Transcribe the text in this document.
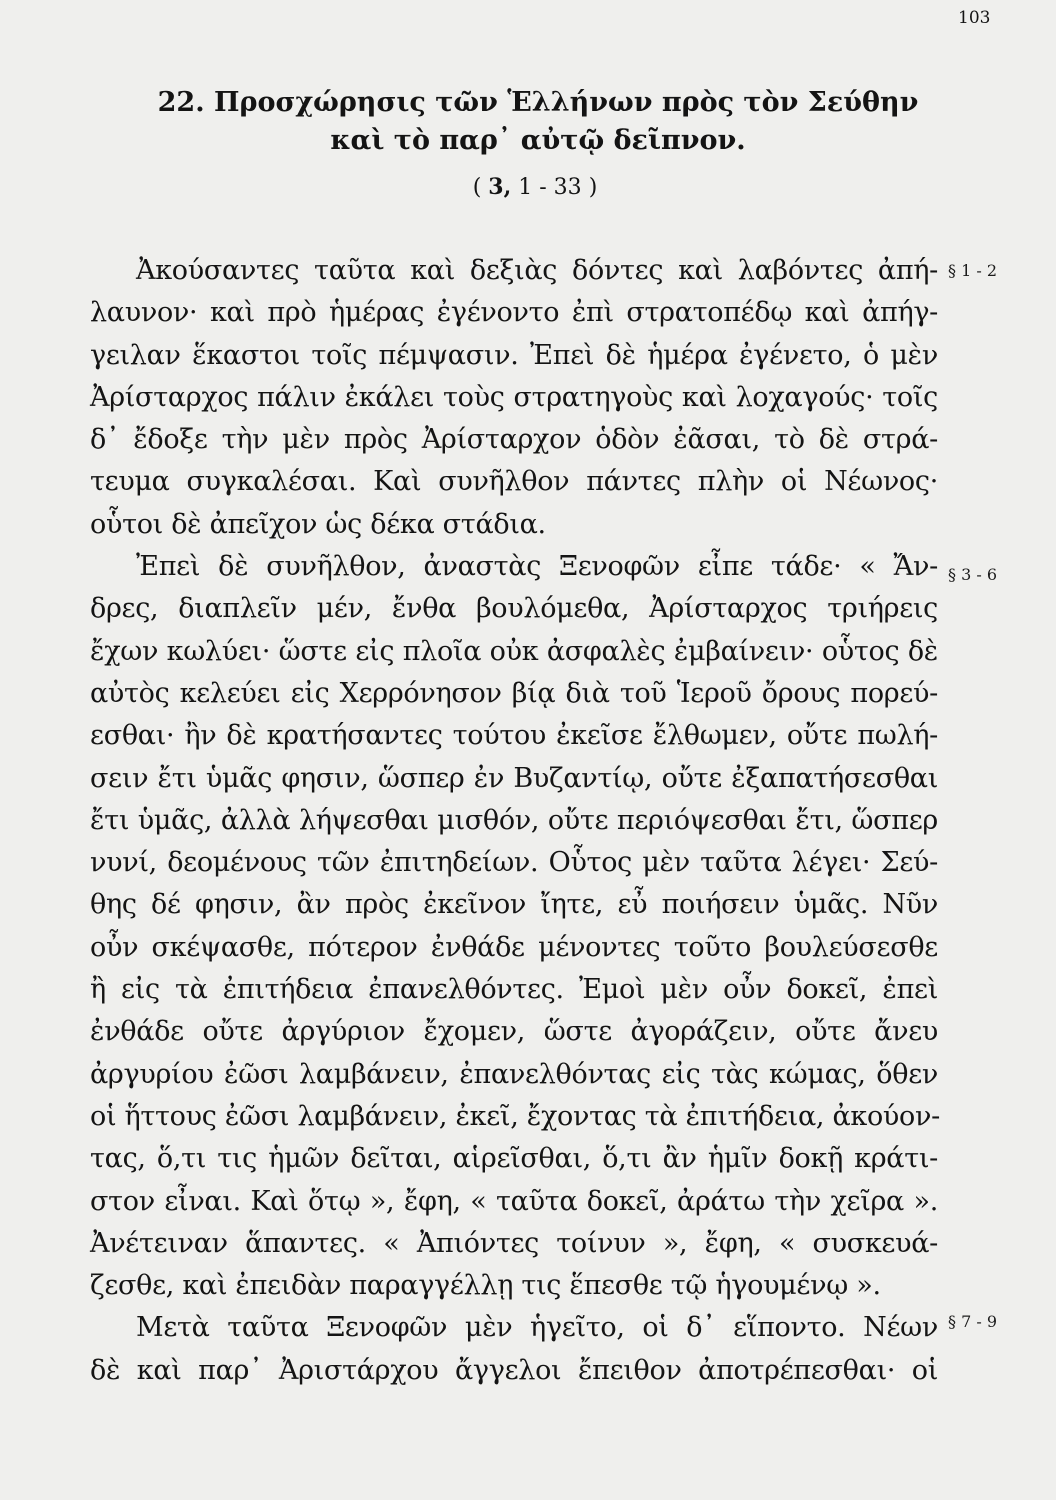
103
22. Προσχώρησις τῶν Ἑλλήνων πρὸς τὸν Σεύθην
καὶ τὸ παρ᾽ αὐτῷ δεῖπνον.
( 3, 1 - 33 )
Ἀκούσαντες ταῦτα καὶ δεξιὰς δόντες καὶ λαβόντες ἀπή-
λαυνον· καὶ πρὸ ἡμέρας ἐγένοντο ἐπὶ στρατοπέδῳ καὶ ἀπήγ-
γειλαν ἕκαστοι τοῖς πέμψασιν. Ἐπεὶ δὲ ἡμέρα ἐγένετο, ὁ μὲν
Ἀρίσταρχος πάλιν ἐκάλει τοὺς στρατηγοὺς καὶ λοχαγούς· τοῖς
δ᾽ ἔδοξε τὴν μὲν πρὸς Ἀρίσταρχον ὁδὸν ἐᾶσαι, τὸ δὲ στρά-
τευμα συγκαλέσαι. Καὶ συνῆλθον πάντες πλὴν οἱ Νέωνος·
οὗτοι δὲ ἀπεῖχον ὡς δέκα στάδια.
Ἐπεὶ δὲ συνῆλθον, ἀναστὰς Ξενοφῶν εἶπε τάδε· « Ἄν-
δρες, διαπλεῖν μέν, ἔνθα βουλόμεθα, Ἀρίσταρχος τριήρεις
ἔχων κωλύει· ὥστε εἰς πλοῖα οὐκ ἀσφαλὲς ἐμβαίνειν· οὗτος δὲ
αὐτὸς κελεύει εἰς Χερρόνησον βίᾳ διὰ τοῦ Ἱεροῦ ὄρους πορεύ-
εσθαι· ἢν δὲ κρατήσαντες τούτου ἐκεῖσε ἔλθωμεν, οὔτε πωλή-
σειν ἔτι ὑμᾶς φησιν, ὥσπερ ἐν Βυζαντίῳ, οὔτε ἐξαπατήσεσθαι
ἔτι ὑμᾶς, ἀλλὰ λήψεσθαι μισθόν, οὔτε περιόψεσθαι ἔτι, ὥσπερ
νυνί, δεομένους τῶν ἐπιτηδείων. Οὗτος μὲν ταῦτα λέγει· Σεύ-
θης δέ φησιν, ἂν πρὸς ἐκεῖνον ἴητε, εὖ ποιήσειν ὑμᾶς. Νῦν
οὖν σκέψασθε, πότερον ἐνθάδε μένοντες τοῦτο βουλεύσεσθε
ἢ εἰς τὰ ἐπιτήδεια ἐπανελθόντες. Ἐμοὶ μὲν οὖν δοκεῖ, ἐπεὶ
ἐνθάδε οὔτε ἀργύριον ἔχομεν, ὥστε ἀγοράζειν, οὔτε ἄνευ
ἀργυρίου ἐῶσι λαμβάνειν, ἐπανελθόντας εἰς τὰς κώμας, ὅθεν
οἱ ἥττους ἐῶσι λαμβάνειν, ἐκεῖ, ἔχοντας τὰ ἐπιτήδεια, ἀκούον-
τας, ὅ,τι τις ἡμῶν δεῖται, αἱρεῖσθαι, ὅ,τι ἂν ἡμῖν δοκῇ κράτι-
στον εἶναι. Καὶ ὅτῳ », ἔφη, « ταῦτα δοκεῖ, ἀράτω τὴν χεῖρα ».
Ἀνέτειναν ἅπαντες. « Ἀπιόντες τοίνυν », ἔφη, « συσκευά-
ζεσθε, καὶ ἐπειδὰν παραγγέλλῃ τις ἕπεσθε τῷ ἡγουμένῳ ».
Μετὰ ταῦτα Ξενοφῶν μὲν ἡγεῖτο, οἱ δ᾽ εἵποντο. Νέων
δὲ καὶ παρ᾽ Ἀριστάρχου ἄγγελοι ἔπειθον ἀποτρέπεσθαι· οἱ
§ 1 - 2
§ 3 - 6
§ 7 - 9
